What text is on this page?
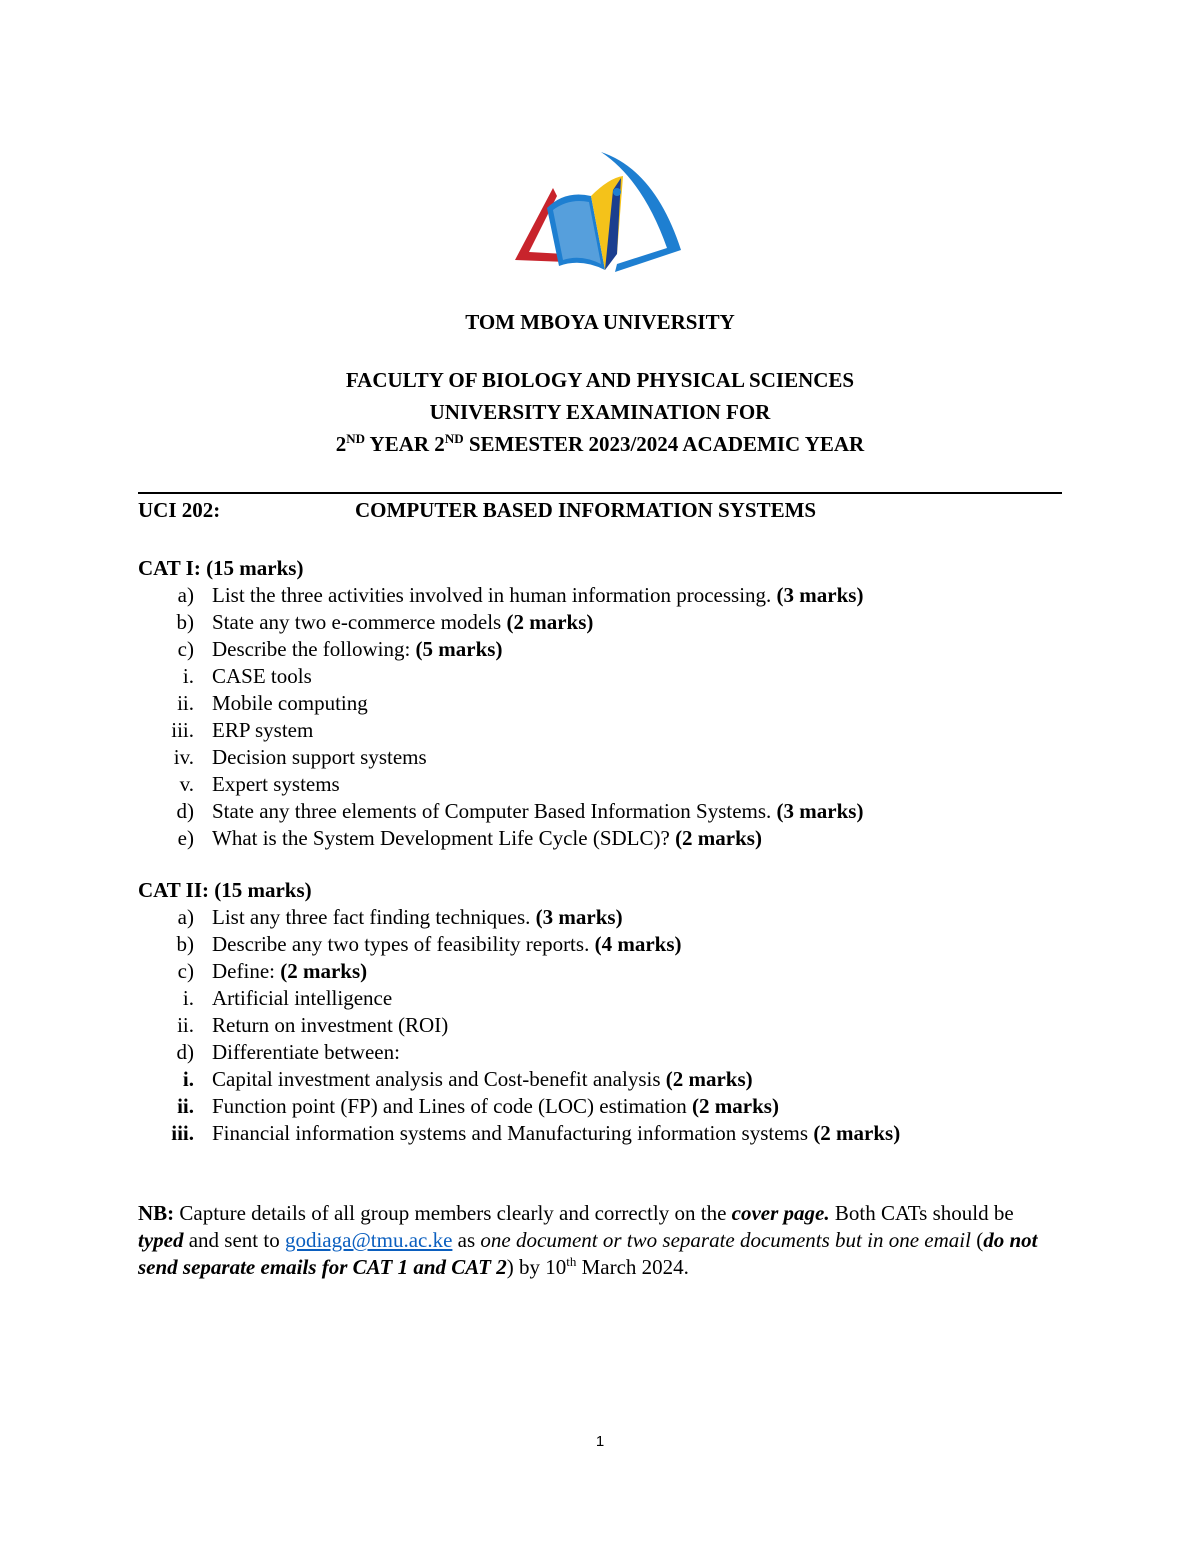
TOM MBOYA UNIVERSITY
FACULTY OF BIOLOGY AND PHYSICAL SCIENCES
UNIVERSITY EXAMINATION FOR
2ND YEAR 2ND SEMESTER 2023/2024 ACADEMIC YEAR
UCI 202:	COMPUTER BASED INFORMATION SYSTEMS
CAT I: (15 marks)
a) List the three activities involved in human information processing. (3 marks)
b) State any two e-commerce models (2 marks)
c) Describe the following: (5 marks)
i. CASE tools
ii. Mobile computing
iii. ERP system
iv. Decision support systems
v. Expert systems
d) State any three elements of Computer Based Information Systems. (3 marks)
e) What is the System Development Life Cycle (SDLC)? (2 marks)
CAT II: (15 marks)
a) List any three fact finding techniques. (3 marks)
b) Describe any two types of feasibility reports. (4 marks)
c) Define: (2 marks)
i. Artificial intelligence
ii. Return on investment (ROI)
d) Differentiate between:
i. Capital investment analysis and Cost-benefit analysis (2 marks)
ii. Function point (FP) and Lines of code (LOC) estimation (2 marks)
iii. Financial information systems and Manufacturing information systems (2 marks)
NB: Capture details of all group members clearly and correctly on the cover page. Both CATs should be typed and sent to godiaga@tmu.ac.ke as one document or two separate documents but in one email (do not send separate emails for CAT 1 and CAT 2) by 10th March 2024.
1
